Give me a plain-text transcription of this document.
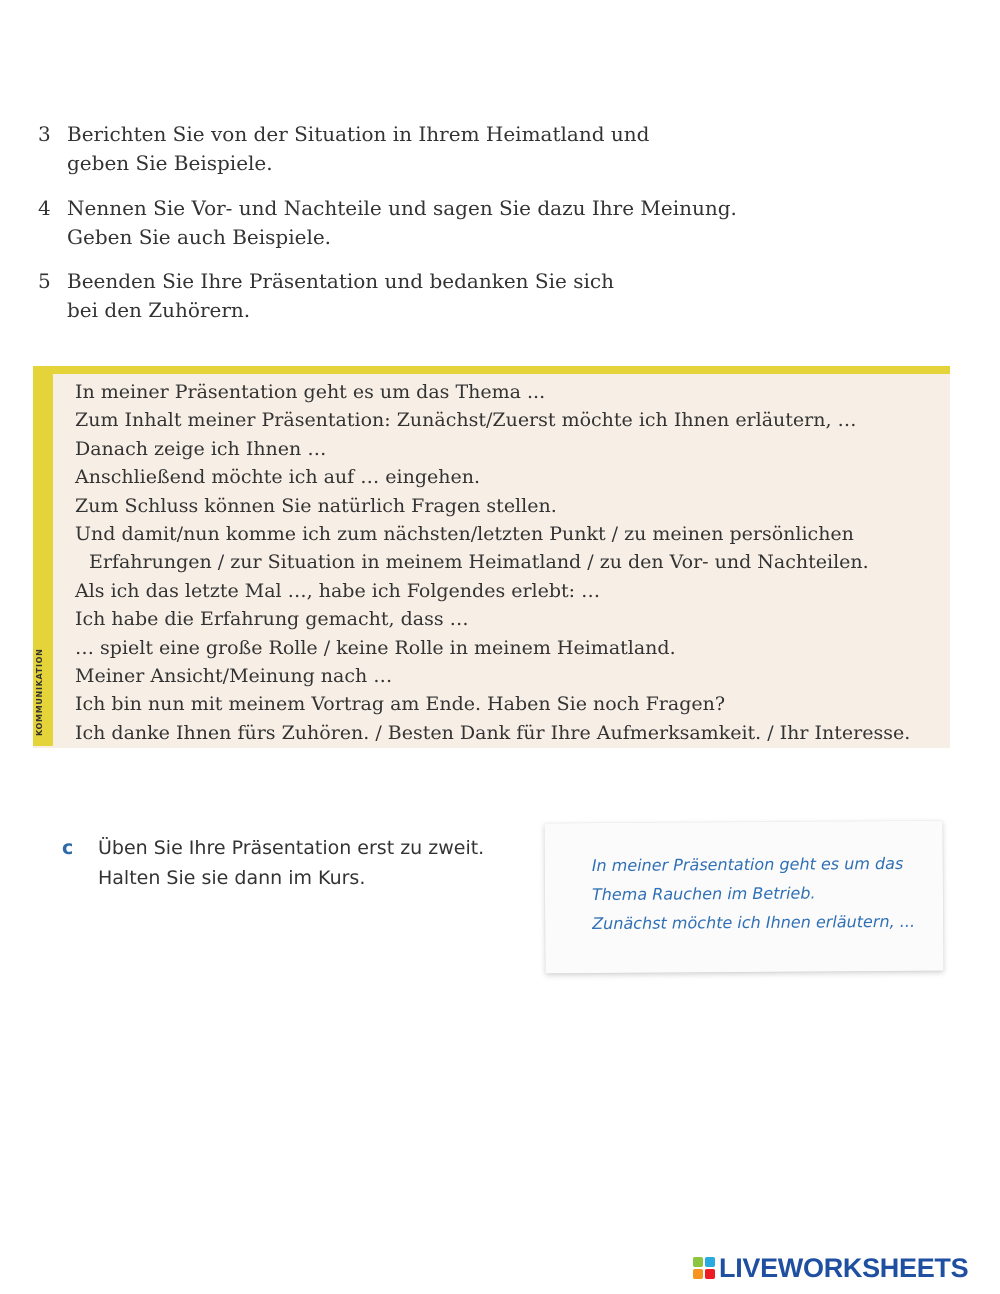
3 Berichten Sie von der Situation in Ihrem Heimatland und
geben Sie Beispiele.
4 Nennen Sie Vor- und Nachteile und sagen Sie dazu Ihre Meinung.
Geben Sie auch Beispiele.
5 Beenden Sie Ihre Präsentation und bedanken Sie sich
bei den Zuhörern.
KOMMUNIKATION
In meiner Präsentation geht es um das Thema ...
Zum Inhalt meiner Präsentation: Zunächst/Zuerst möchte ich Ihnen erläutern, …
Danach zeige ich Ihnen …
Anschließend möchte ich auf … eingehen.
Zum Schluss können Sie natürlich Fragen stellen.
Und damit/nun komme ich zum nächsten/letzten Punkt / zu meinen persönlichen
Erfahrungen / zur Situation in meinem Heimatland / zu den Vor- und Nachteilen.
Als ich das letzte Mal …, habe ich Folgendes erlebt: …
Ich habe die Erfahrung gemacht, dass …
… spielt eine große Rolle / keine Rolle in meinem Heimatland.
Meiner Ansicht/Meinung nach …
Ich bin nun mit meinem Vortrag am Ende. Haben Sie noch Fragen?
Ich danke Ihnen fürs Zuhören. / Besten Dank für Ihre Aufmerksamkeit. / Ihr Interesse.
c Üben Sie Ihre Präsentation erst zu zweit.
Halten Sie sie dann im Kurs.
In meiner Präsentation geht es um das
Thema Rauchen im Betrieb.
Zunächst möchte ich Ihnen erläutern, ...
LIVEWORKSHEETS
